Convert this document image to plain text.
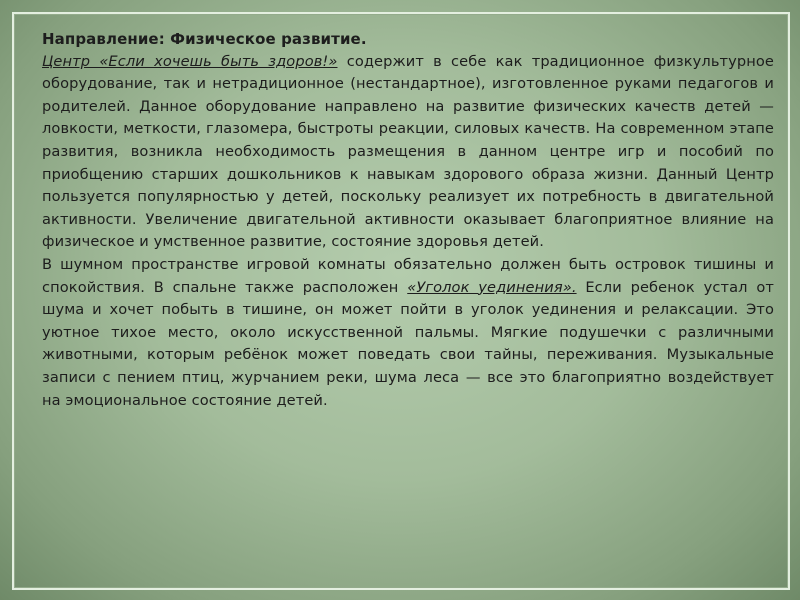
Направление: Физическое развитие.

Центр «Если хочешь быть здоров!» содержит в себе как традиционное физкультурное оборудование, так и нетрадиционное (нестандартное), изготовленное руками педагогов и родителей. Данное оборудование направлено на развитие физических качеств детей — ловкости, меткости, глазомера, быстроты реакции, силовых качеств. На современном этапе развития, возникла необходимость размещения в данном центре игр и пособий по приобщению старших дошкольников к навыкам здорового образа жизни. Данный Центр пользуется популярностью у детей, поскольку реализует их потребность в двигательной активности. Увеличение двигательной активности оказывает благоприятное влияние на физическое и умственное развитие, состояние здоровья детей.

В шумном пространстве игровой комнаты обязательно должен быть островок тишины и спокойствия. В спальне также расположен «Уголок уединения». Если ребенок устал от шума и хочет побыть в тишине, он может пойти в уголок уединения и релаксации. Это уютное тихое место, около искусственной пальмы. Мягкие подушечки с различными животными, которым ребёнок может поведать свои тайны, переживания. Музыкальные записи с пением птиц, журчанием реки, шума леса — все это благоприятно воздействует на эмоциональное состояние детей.
